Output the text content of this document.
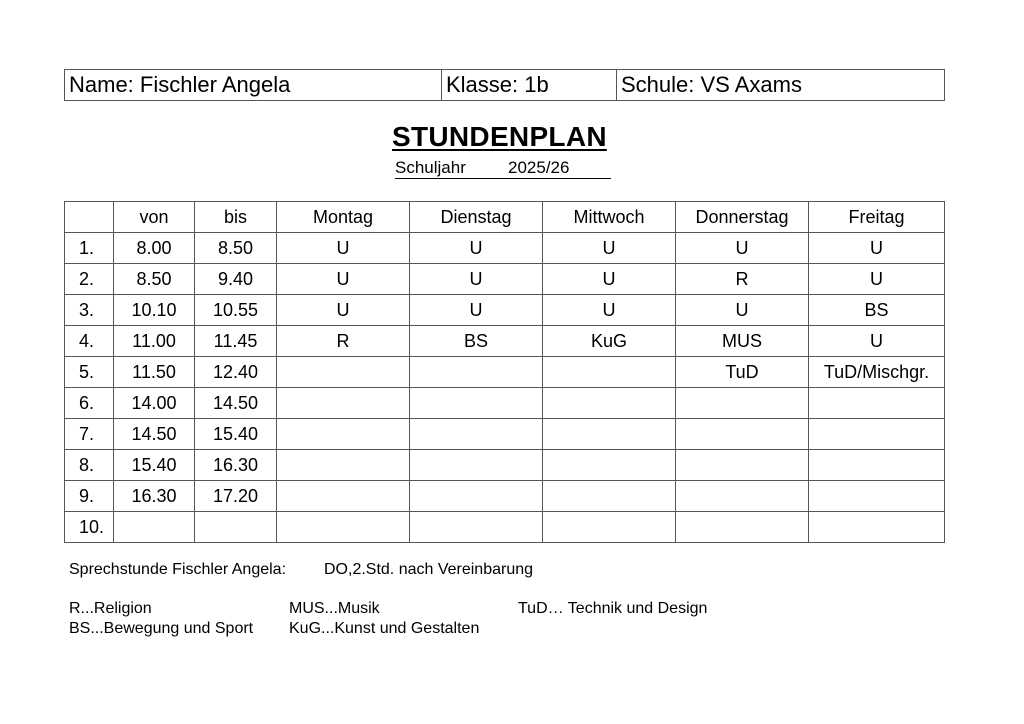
Name: Fischler Angela	Klasse: 1b	Schule: VS Axams
STUNDENPLAN
Schuljahr 2025/26
	von	bis	Montag	Dienstag	Mittwoch	Donnerstag	Freitag
1.	8.00	8.50	U	U	U	U	U
2.	8.50	9.40	U	U	U	R	U
3.	10.10	10.55	U	U	U	U	BS
4.	11.00	11.45	R	BS	KuG	MUS	U
5.	11.50	12.40				TuD	TuD/Mischgr.
6.	14.00	14.50					
7.	14.50	15.40					
8.	15.40	16.30					
9.	16.30	17.20					
10.							
Sprechstunde Fischler Angela: DO,2.Std. nach Vereinbarung
R...Religion	MUS...Musik	TuD… Technik und Design
BS...Bewegung und Sport KuG...Kunst und Gestalten
